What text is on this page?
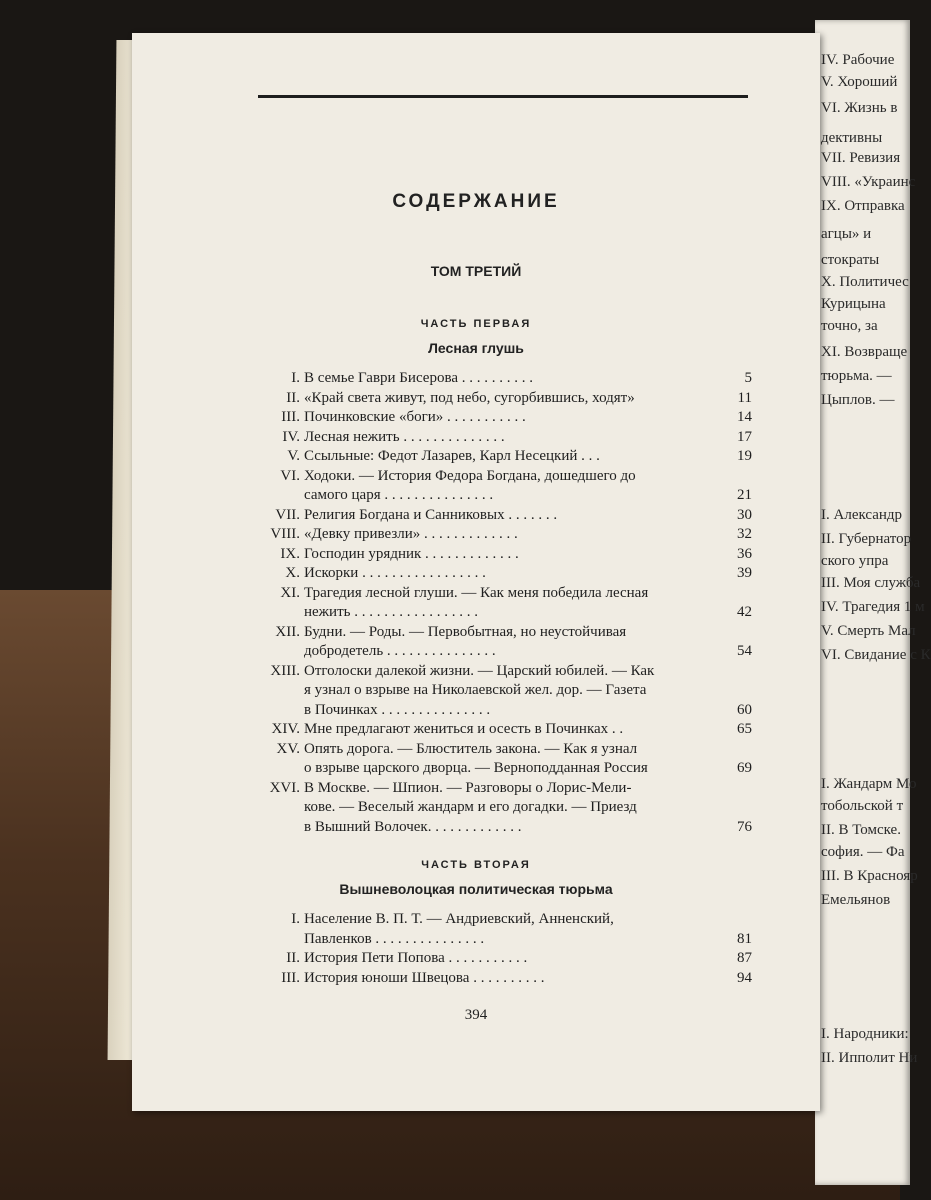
IV. Рабочие
V. Хороший
VI. Жизнь в
дективны
VII. Ревизия
VIII. «Украинс
IX. Отправка
агцы» и
стократы
X. Политичес
Курицына
точно, за
XI. Возвраще
тюрьма. —
Цыплов. —
I. Александр
II. Губернатор
ского упра
III. Моя служба
IV. Трагедия 1 м
V. Смерть Мал
VI. Свидание с К
I. Жандарм Мо
тобольской т
II. В Томске.
софия. — Фа
III. В Краснояр
Емельянов
I. Народники:
II. Ипполит Ни
СОДЕРЖАНИЕ
ТОМ ТРЕТИЙ
ЧАСТЬ ПЕРВАЯ
Лесная глушь
I. В семье Гаври Бисерова . . . . . . . . . .	5
II. «Край света живут, под небо, сугорбившись, ходят»	11
III. Починковские «боги» . . . . . . . . . . .	14
IV. Лесная нежить . . . . . . . . . . . . . .	17
V. Ссыльные: Федот Лазарев, Карл Несецкий . . .	19
VI. Ходоки. — История Федора Богдана, дошедшего до
самого царя . . . . . . . . . . . . . . .	21
VII. Религия Богдана и Санниковых . . . . . . .	30
VIII. «Девку привезли» . . . . . . . . . . . . .	32
IX. Господин урядник . . . . . . . . . . . . .	36
X. Искорки . . . . . . . . . . . . . . . . .	39
XI. Трагедия лесной глуши. — Как меня победила лесная
нежить . . . . . . . . . . . . . . . . .	42
XII. Будни. — Роды. — Первобытная, но неустойчивая
добродетель . . . . . . . . . . . . . . .	54
XIII. Отголоски далекой жизни. — Царский юбилей. — Как
я узнал о взрыве на Николаевской жел. дор. — Газета
в Починках . . . . . . . . . . . . . . .	60
XIV. Мне предлагают жениться и осесть в Починках . .	65
XV. Опять дорога. — Блюститель закона. — Как я узнал
о взрыве царского дворца. — Верноподданная Россия	69
XVI. В Москве. — Шпион. — Разговоры о Лорис-Мели-
кове. — Веселый жандарм и его догадки. — Приезд
в Вышний Волочек. . . . . . . . . . . . .	76
ЧАСТЬ ВТОРАЯ
Вышневолоцкая политическая тюрьма
I. Население В. П. Т. — Андриевский, Анненский,
Павленков . . . . . . . . . . . . . . .	81
II. История Пети Попова . . . . . . . . . . .	87
III. История юноши Швецова . . . . . . . . . .	94
394
